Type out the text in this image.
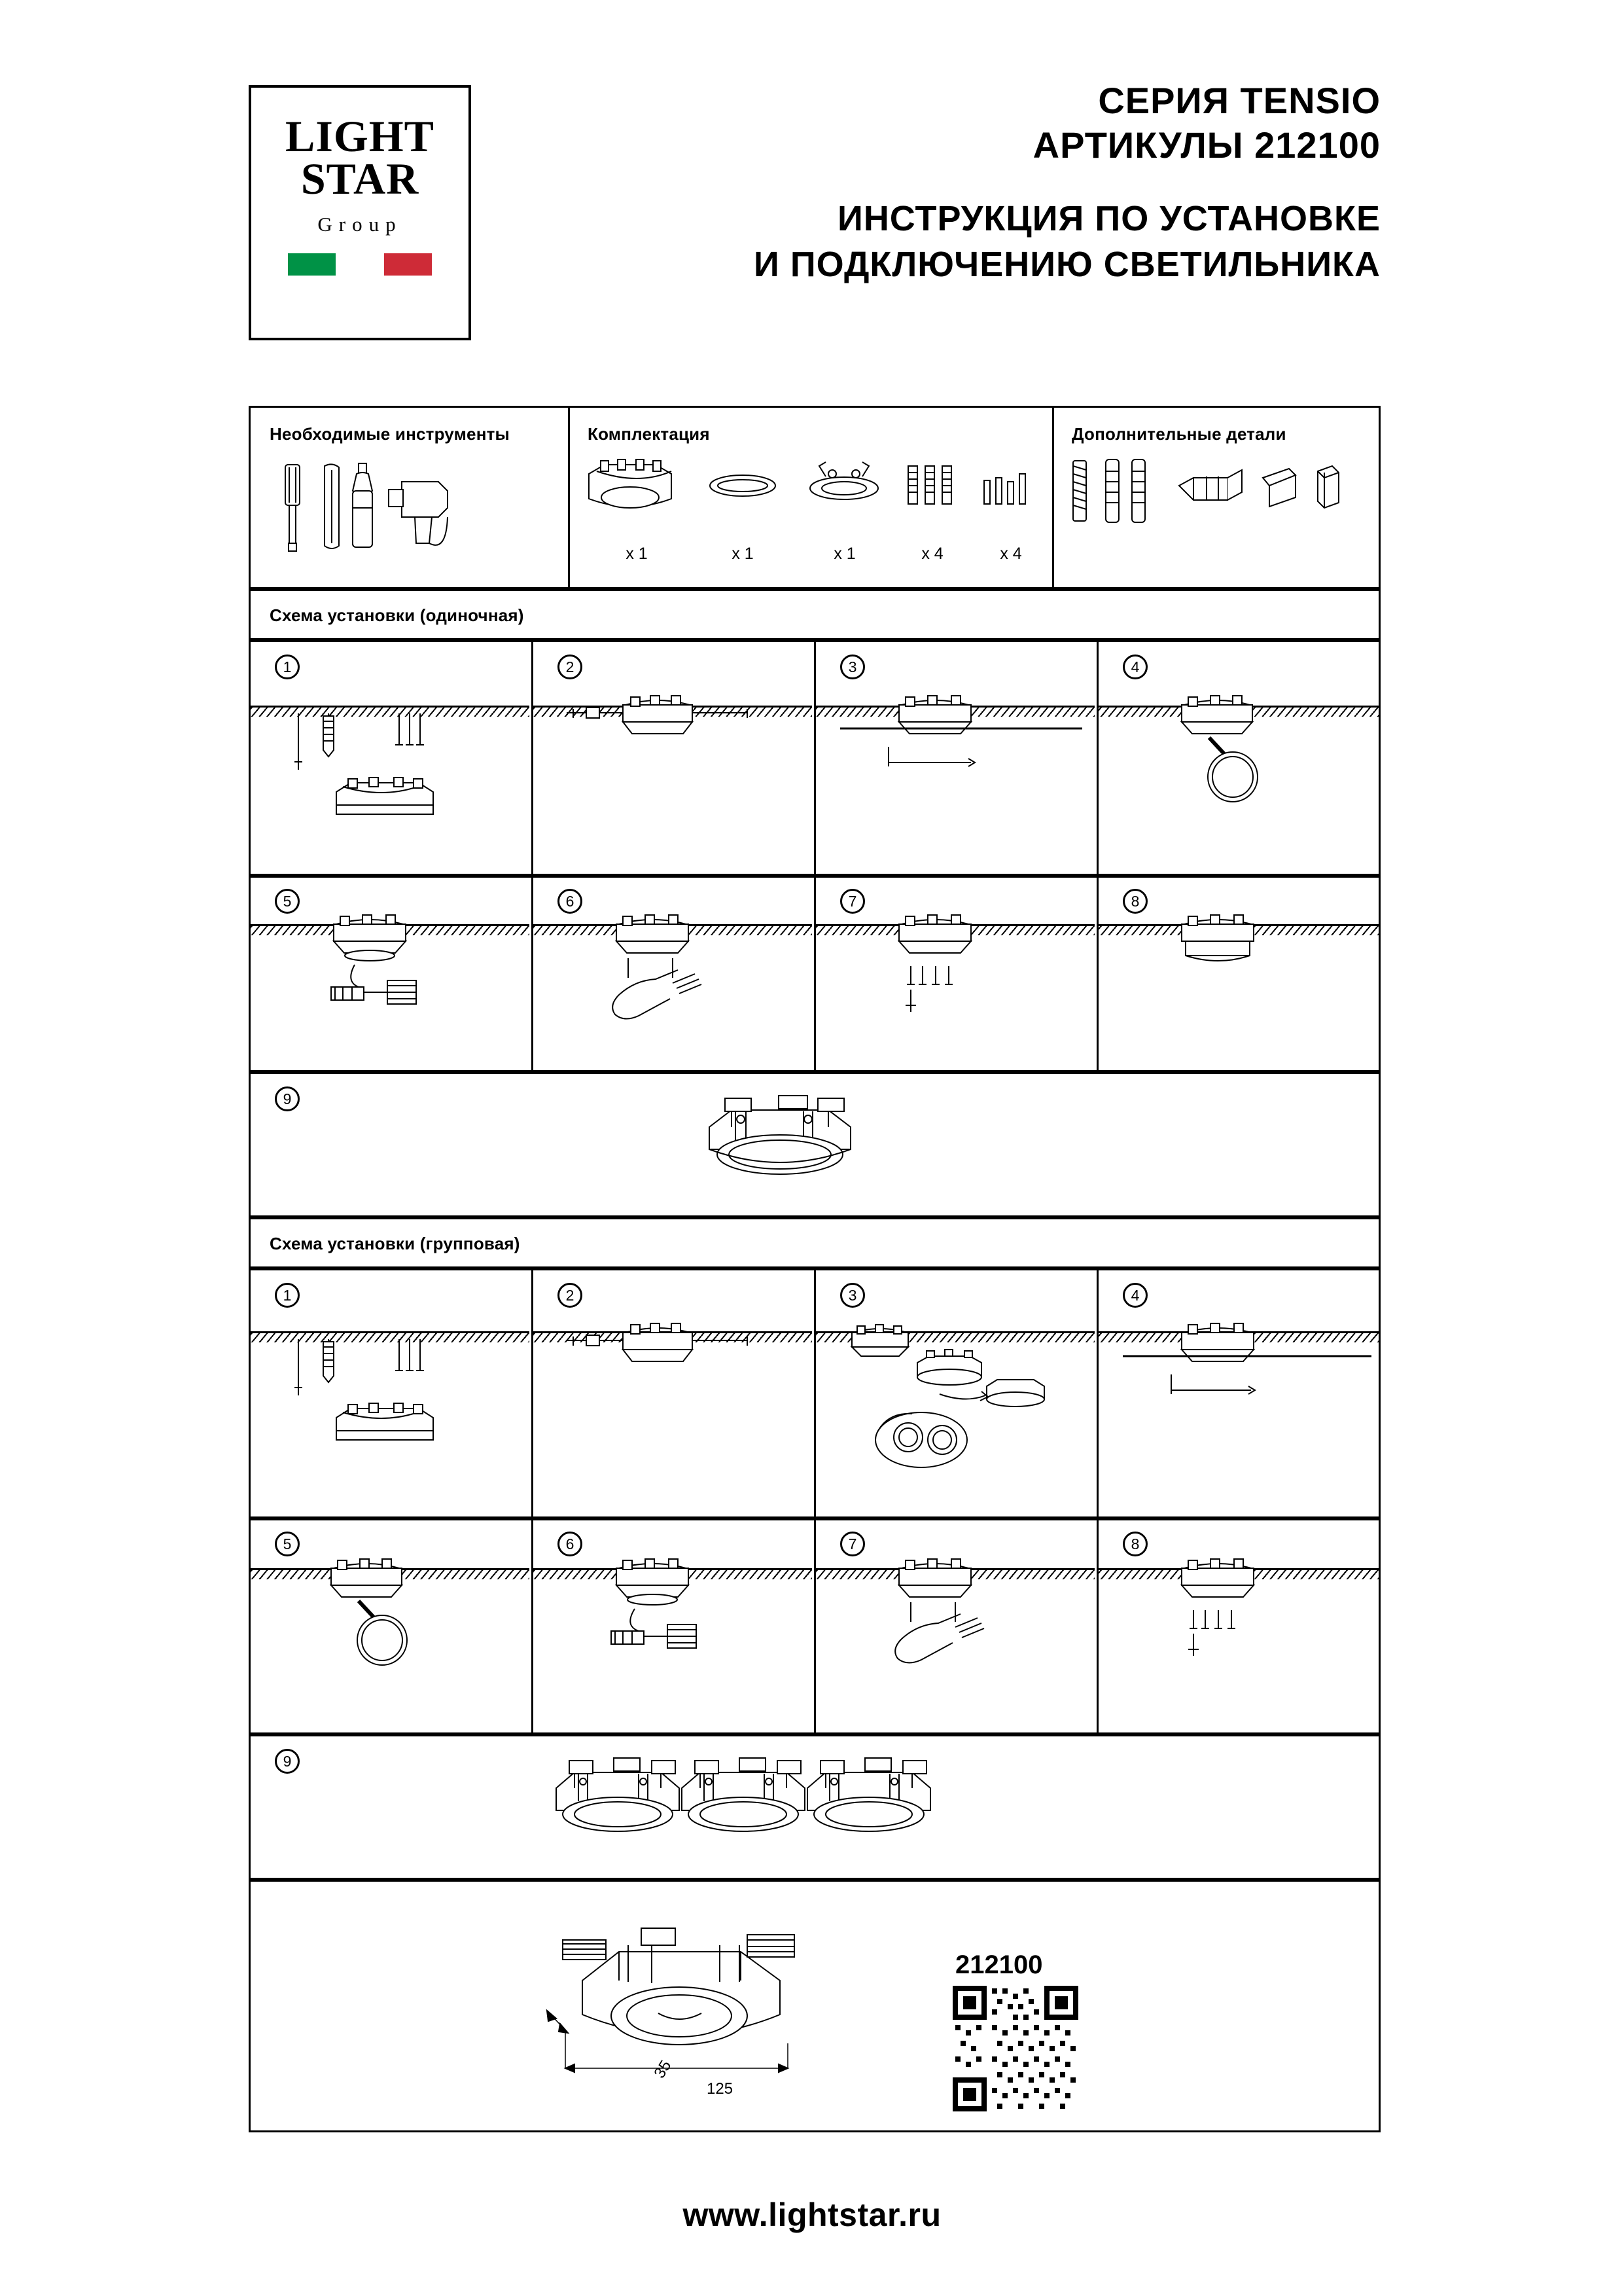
LIGHT
STAR
Group
СЕРИЯ TENSIO
АРТИКУЛЫ 212100
ИНСТРУКЦИЯ ПО УСТАНОВКЕ
И ПОДКЛЮЧЕНИЮ СВЕТИЛЬНИКА
Необходимые инструменты	Комплектация	Дополнительные детали
x 1	x 1	x 1	x 4	x 4
Схема установки (одиночная)
1	2	3	4
5	6	7	8
9
Схема установки (групповая)
1	2	3	4
5	6	7	8
9
35
125
212100
www.lightstar.ru
